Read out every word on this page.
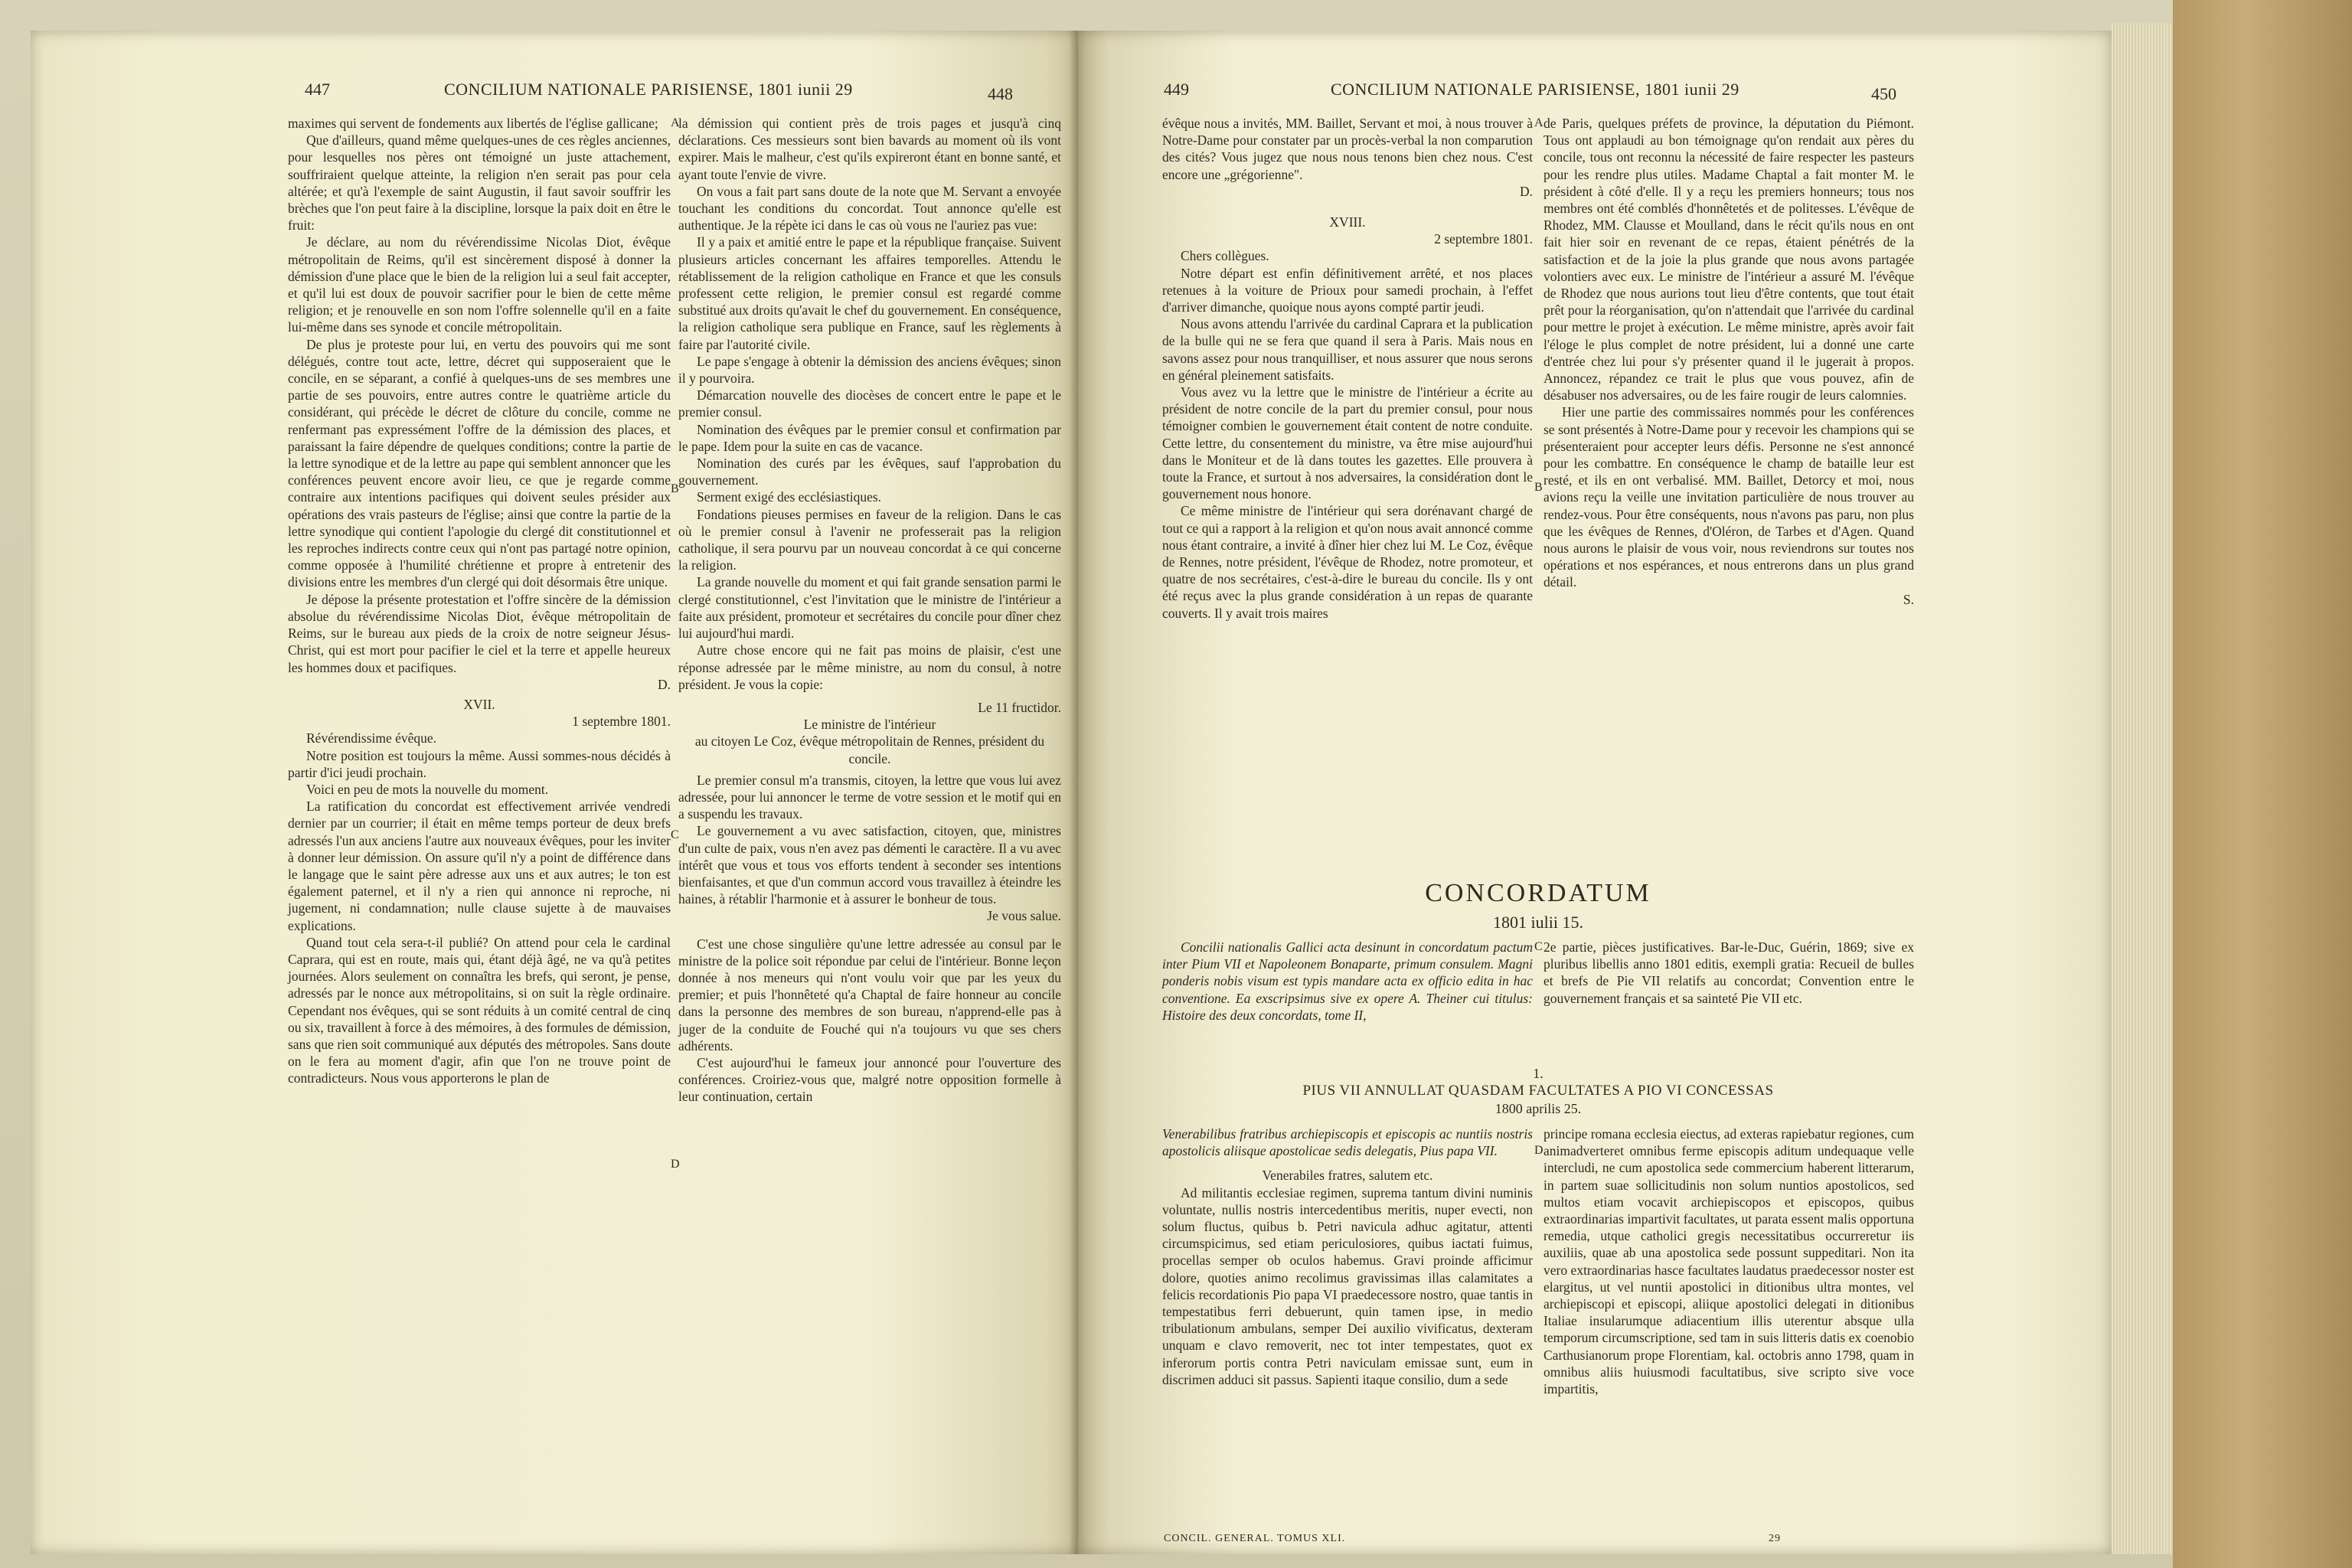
447	CONCILIUM NATIONALE PARISIENSE, 1801 iunii 29	448

maximes qui servent de fondements aux libertés de l'église gallicane;

Que d'ailleurs, quand même quelques-unes de ces règles anciennes, pour lesquelles nos pères ont témoigné un juste attachement, souffriraient quelque atteinte, la religion n'en serait pas pour cela altérée; et qu'à l'exemple de saint Augustin, il faut savoir souffrir les brèches que l'on peut faire à la discipline, lorsque la paix doit en être le fruit:

Je déclare, au nom du révérendissime Nicolas Diot, évêque métropolitain de Reims, qu'il est sincèrement disposé à donner la démission d'une place que le bien de la religion lui a seul fait accepter, et qu'il lui est doux de pouvoir sacrifier pour le bien de cette même religion; et je renouvelle en son nom l'offre solennelle qu'il en a faite lui-même dans ses synode et concile métropolitain.

De plus je proteste pour lui, en vertu des pouvoirs qui me sont délégués, contre tout acte, lettre, décret qui supposeraient que le concile, en se séparant, a confié à quelques-uns de ses membres une partie de ses pouvoirs, entre autres contre le quatrième article du considérant, qui précède le décret de clôture du concile, comme ne renfermant pas expressément l'offre de la démission des places, et paraissant la faire dépendre de quelques conditions; contre la partie de la lettre synodique et de la lettre au pape qui semblent annoncer que les conférences peuvent encore avoir lieu, ce que je regarde comme contraire aux intentions pacifiques qui doivent seules présider aux opérations des vrais pasteurs de l'église; ainsi que contre la partie de la lettre synodique qui contient l'apologie du clergé dit constitutionnel et les reproches indirects contre ceux qui n'ont pas partagé notre opinion, comme opposée à l'humilité chrétienne et propre à entretenir des divisions entre les membres d'un clergé qui doit désormais être unique.

Je dépose la présente protestation et l'offre sincère de la démission absolue du révérendissime Nicolas Diot, évêque métropolitain de Reims, sur le bureau aux pieds de la croix de notre seigneur Jésus-Christ, qui est mort pour pacifier le ciel et la terre et appelle heureux les hommes doux et pacifiques.

D.

XVII.

1 septembre 1801.

Révérendissime évêque.

Notre position est toujours la même. Aussi sommes-nous décidés à partir d'ici jeudi prochain.

Voici en peu de mots la nouvelle du moment.

La ratification du concordat est effectivement arrivée vendredi dernier par un courrier; il était en même temps porteur de deux brefs adressés l'un aux anciens l'autre aux nouveaux évêques, pour les inviter à donner leur démission. On assure qu'il n'y a point de différence dans le langage que le saint père adresse aux uns et aux autres; le ton est également paternel, et il n'y a rien qui annonce ni reproche, ni jugement, ni condamnation; nulle clause sujette à de mauvaises explications.

Quand tout cela sera-t-il publié? On attend pour cela le cardinal Caprara, qui est en route, mais qui, étant déjà âgé, ne va qu'à petites journées. Alors seulement on connaîtra les brefs, qui seront, je pense, adressés par le nonce aux métropolitains, si on suit la règle ordinaire. Cependant nos évêques, qui se sont réduits à un comité central de cinq ou six, travaillent à force à des mémoires, à des formules de démission, sans que rien soit communiqué aux députés des métropoles. Sans doute on le fera au moment d'agir, afin que l'on ne trouve point de contradicteurs. Nous vous apporterons le plan de

la démission qui contient près de trois pages et jusqu'à cinq déclarations. Ces messieurs sont bien bavards au moment où ils vont expirer. Mais le malheur, c'est qu'ils expireront étant en bonne santé, et ayant toute l'envie de vivre.

On vous a fait part sans doute de la note que M. Servant a envoyée touchant les conditions du concordat. Tout annonce qu'elle est authentique. Je la répète ici dans le cas où vous ne l'auriez pas vue:

Il y a paix et amitié entre le pape et la république française. Suivent plusieurs articles concernant les affaires temporelles. Attendu le rétablissement de la religion catholique en France et que les consuls professent cette religion, le premier consul est regardé comme substitué aux droits qu'avait le chef du gouvernement. En conséquence, la religion catholique sera publique en France, sauf les règlements à faire par l'autorité civile.

Le pape s'engage à obtenir la démission des anciens évêques; sinon il y pourvoira.

Démarcation nouvelle des diocèses de concert entre le pape et le premier consul.

Nomination des évêques par le premier consul et confirmation par le pape. Idem pour la suite en cas de vacance.

Nomination des curés par les évêques, sauf l'approbation du gouvernement.

Serment exigé des ecclésiastiques.

Fondations pieuses permises en faveur de la religion. Dans le cas où le premier consul à l'avenir ne professerait pas la religion catholique, il sera pourvu par un nouveau concordat à ce qui concerne la religion.

La grande nouvelle du moment et qui fait grande sensation parmi le clergé constitutionnel, c'est l'invitation que le ministre de l'intérieur a faite aux président, promoteur et secrétaires du concile pour dîner chez lui aujourd'hui mardi.

Autre chose encore qui ne fait pas moins de plaisir, c'est une réponse adressée par le même ministre, au nom du consul, à notre président. Je vous la copie:

Le 11 fructidor.

Le ministre de l'intérieur

au citoyen Le Coz, évêque métropolitain de Rennes, président du concile.

Le premier consul m'a transmis, citoyen, la lettre que vous lui avez adressée, pour lui annoncer le terme de votre session et le motif qui en a suspendu les travaux.

Le gouvernement a vu avec satisfaction, citoyen, que, ministres d'un culte de paix, vous n'en avez pas démenti le caractère. Il a vu avec intérêt que vous et tous vos efforts tendent à seconder ses intentions bienfaisantes, et que d'un commun accord vous travaillez à éteindre les haines, à rétablir l'harmonie et à assurer le bonheur de tous.

Je vous salue.

C'est une chose singulière qu'une lettre adressée au consul par le ministre de la police soit répondue par celui de l'intérieur. Bonne leçon donnée à nos meneurs qui n'ont voulu voir que par les yeux du premier; et puis l'honnêteté qu'a Chaptal de faire honneur au concile dans la personne des membres de son bureau, n'apprend-elle pas à juger de la conduite de Fouché qui n'a toujours vu que ses chers adhérents.

C'est aujourd'hui le fameux jour annoncé pour l'ouverture des conférences. Croiriez-vous que, malgré notre opposition formelle à leur continuation, certain

A
B
C
D
449	CONCILIUM NATIONALE PARISIENSE, 1801 iunii 29	450

évêque nous a invités, MM. Baillet, Servant et moi, à nous trouver à Notre-Dame pour constater par un procès-verbal la non comparution des cités? Vous jugez que nous nous tenons bien chez nous. C'est encore une „grégorienne".

D.

XVIII.

2 septembre 1801.

Chers collègues.

Notre départ est enfin définitivement arrêté, et nos places retenues à la voiture de Prioux pour samedi prochain, à l'effet d'arriver dimanche, quoique nous ayons compté partir jeudi.

Nous avons attendu l'arrivée du cardinal Caprara et la publication de la bulle qui ne se fera que quand il sera à Paris. Mais nous en savons assez pour nous tranquilliser, et nous assurer que nous serons en général pleinement satisfaits.

Vous avez vu la lettre que le ministre de l'intérieur a écrite au président de notre concile de la part du premier consul, pour nous témoigner combien le gouvernement était content de notre conduite. Cette lettre, du consentement du ministre, va être mise aujourd'hui dans le Moniteur et de là dans toutes les gazettes. Elle prouvera à toute la France, et surtout à nos adversaires, la considération dont le gouvernement nous honore.

Ce même ministre de l'intérieur qui sera dorénavant chargé de tout ce qui a rapport à la religion et qu'on nous avait annoncé comme nous étant contraire, a invité à dîner hier chez lui M. Le Coz, évêque de Rennes, notre président, l'évêque de Rhodez, notre promoteur, et quatre de nos secrétaires, c'est-à-dire le bureau du concile. Ils y ont été reçus avec la plus grande considération à un repas de quarante couverts. Il y avait trois maires

de Paris, quelques préfets de province, la députation du Piémont. Tous ont applaudi au bon témoignage qu'on rendait aux pères du concile, tous ont reconnu la nécessité de faire respecter les pasteurs pour les rendre plus utiles. Madame Chaptal a fait monter M. le président à côté d'elle. Il y a reçu les premiers honneurs; tous nos membres ont été comblés d'honnêtetés et de politesses. L'évêque de Rhodez, MM. Clausse et Moulland, dans le récit qu'ils nous en ont fait hier soir en revenant de ce repas, étaient pénétrés de la satisfaction et de la joie la plus grande que nous avons partagée volontiers avec eux. Le ministre de l'intérieur a assuré M. l'évêque de Rhodez que nous aurions tout lieu d'être contents, que tout était prêt pour la réorganisation, qu'on n'attendait que l'arrivée du cardinal pour mettre le projet à exécution. Le même ministre, après avoir fait l'éloge le plus complet de notre président, lui a donné une carte d'entrée chez lui pour s'y présenter quand il le jugerait à propos. Annoncez, répandez ce trait le plus que vous pouvez, afin de désabuser nos adversaires, ou de les faire rougir de leurs calomnies.

Hier une partie des commissaires nommés pour les conférences se sont présentés à Notre-Dame pour y recevoir les champions qui se présenteraient pour accepter leurs défis. Personne ne s'est annoncé pour les combattre. En conséquence le champ de bataille leur est resté, et ils en ont verbalisé. MM. Baillet, Detorcy et moi, nous avions reçu la veille une invitation particulière de nous trouver au rendez-vous. Pour être conséquents, nous n'avons pas paru, non plus que les évêques de Rennes, d'Oléron, de Tarbes et d'Agen. Quand nous aurons le plaisir de vous voir, nous reviendrons sur toutes nos opérations et nos espérances, et nous entrerons dans un plus grand détail.

S.

A
B
CONCORDATUM
1801 iulii 15.

Concilii nationalis Gallici acta desinunt in concordatum pactum inter Pium VII et Napoleonem Bonaparte, primum consulem. Magni ponderis nobis visum est typis mandare acta ex officio edita in hac conventione. Ea exscripsimus sive ex opere A. Theiner cui titulus: Histoire des deux concordats, tome II,

2e partie, pièces justificatives. Bar-le-Duc, Guérin, 1869; sive ex pluribus libellis anno 1801 editis, exempli gratia: Recueil de bulles et brefs de Pie VII relatifs au concordat; Convention entre le gouvernement français et sa sainteté Pie VII etc.

C
1.
PIUS VII ANNULLAT QUASDAM FACULTATES A PIO VI CONCESSAS
1800 aprilis 25.

Venerabilibus fratribus archiepiscopis et episcopis ac nuntiis nostris apostolicis aliisque apostolicae sedis delegatis, Pius papa VII.

Venerabiles fratres, salutem etc.

Ad militantis ecclesiae regimen, suprema tantum divini numinis voluntate, nullis nostris intercedentibus meritis, nuper evecti, non solum fluctus, quibus b. Petri navicula adhuc agitatur, attenti circumspicimus, sed etiam periculosiores, quibus iactati fuimus, procellas semper ob oculos habemus. Gravi proinde afficimur dolore, quoties animo recolimus gravissimas illas calamitates a felicis recordationis Pio papa VI praedecessore nostro, quae tantis in tempestatibus ferri debuerunt, quin tamen ipse, in medio tribulationum ambulans, semper Dei auxilio vivificatus, dexteram unquam e clavo removerit, nec tot inter tempestates, quot ex inferorum portis contra Petri naviculam emissae sunt, eum in discrimen adduci sit passus. Sapienti itaque consilio, dum a sede

principe romana ecclesia eiectus, ad exteras rapiebatur regiones, cum animadverteret omnibus ferme episcopis aditum undequaque velle intercludi, ne cum apostolica sede commercium haberent litterarum, in partem suae sollicitudinis non solum nuntios apostolicos, sed multos etiam vocavit archiepiscopos et episcopos, quibus extraordinarias impartivit facultates, ut parata essent malis opportuna remedia, utque catholici gregis necessitatibus occurreretur iis auxiliis, quae ab una apostolica sede possunt suppeditari. Non ita vero extraordinarias hasce facultates laudatus praedecessor noster est elargitus, ut vel nuntii apostolici in ditionibus ultra montes, vel archiepiscopi et episcopi, aliique apostolici delegati in ditionibus Italiae insularumque adiacentium illis uterentur absque ulla temporum circumscriptione, sed tam in suis litteris datis ex coenobio Carthusianorum prope Florentiam, kal. octobris anno 1798, quam in omnibus aliis huiusmodi facultatibus, sive scripto sive voce impartitis,

D
CONCIL. GENERAL. TOMUS XLI.	29
